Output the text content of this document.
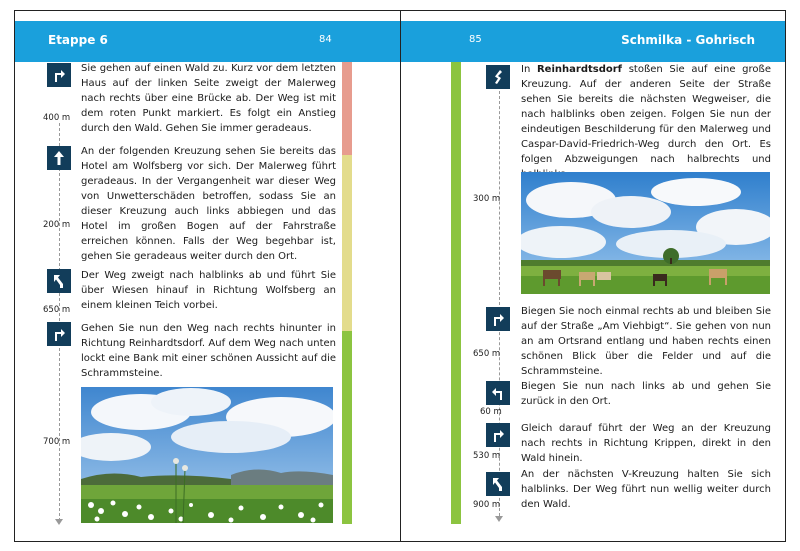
Etappe 6	84
400 m
Sie gehen auf einen Wald zu. Kurz vor dem letzten Haus auf der linken Seite zweigt der Malerweg nach rechts über eine Brücke ab. Der Weg ist mit dem roten Punkt markiert. Es folgt ein Anstieg durch den Wald. Gehen Sie immer geradeaus.
200 m
An der folgenden Kreuzung sehen Sie bereits das Hotel am Wolfsberg vor sich. Der Malerweg führt geradeaus. In der Vergangenheit war dieser Weg von Unwetterschäden betroffen, sodass Sie an dieser Kreuzung auch links abbiegen und das Hotel im großen Bogen auf der Fahrstraße erreichen können. Falls der Weg begehbar ist, gehen Sie geradeaus weiter durch den Ort.
650 m
Der Weg zweigt nach halblinks ab und führt Sie über Wiesen hinauf in Richtung Wolfsberg an einem kleinen Teich vorbei.
700 m
Gehen Sie nun den Weg nach rechts hinunter in Richtung Reinhardtsdorf. Auf dem Weg nach unten lockt eine Bank mit einer schönen Aussicht auf die Schrammsteine.
85	Schmilka - Gohrisch
300 m
In Reinhardtsdorf stoßen Sie auf eine große Kreuzung. Auf der anderen Seite der Straße sehen Sie bereits die nächsten Wegweiser, die nach halblinks oben zeigen. Folgen Sie nun der eindeutigen Beschilderung für den Malerweg und Caspar-David-Friedrich-Weg durch den Ort. Es folgen Abzweigungen nach halbrechts und
650 m
Biegen Sie noch einmal rechts ab und bleiben Sie auf der Straße „Am Viehbigt“. Sie gehen von nun an am Ortsrand entlang und haben rechts einen schönen Blick über die Felder und auf die Schrammsteine.
60 m
Biegen Sie nun nach links ab und gehen Sie zurück in den Ort.
530 m
Gleich darauf führt der Weg an der Kreuzung nach rechts in Richtung Krippen, direkt in den Wald hinein.
900 m
An der nächsten V-Kreuzung halten Sie sich halblinks. Der Weg führt nun wellig weiter durch den Wald.
